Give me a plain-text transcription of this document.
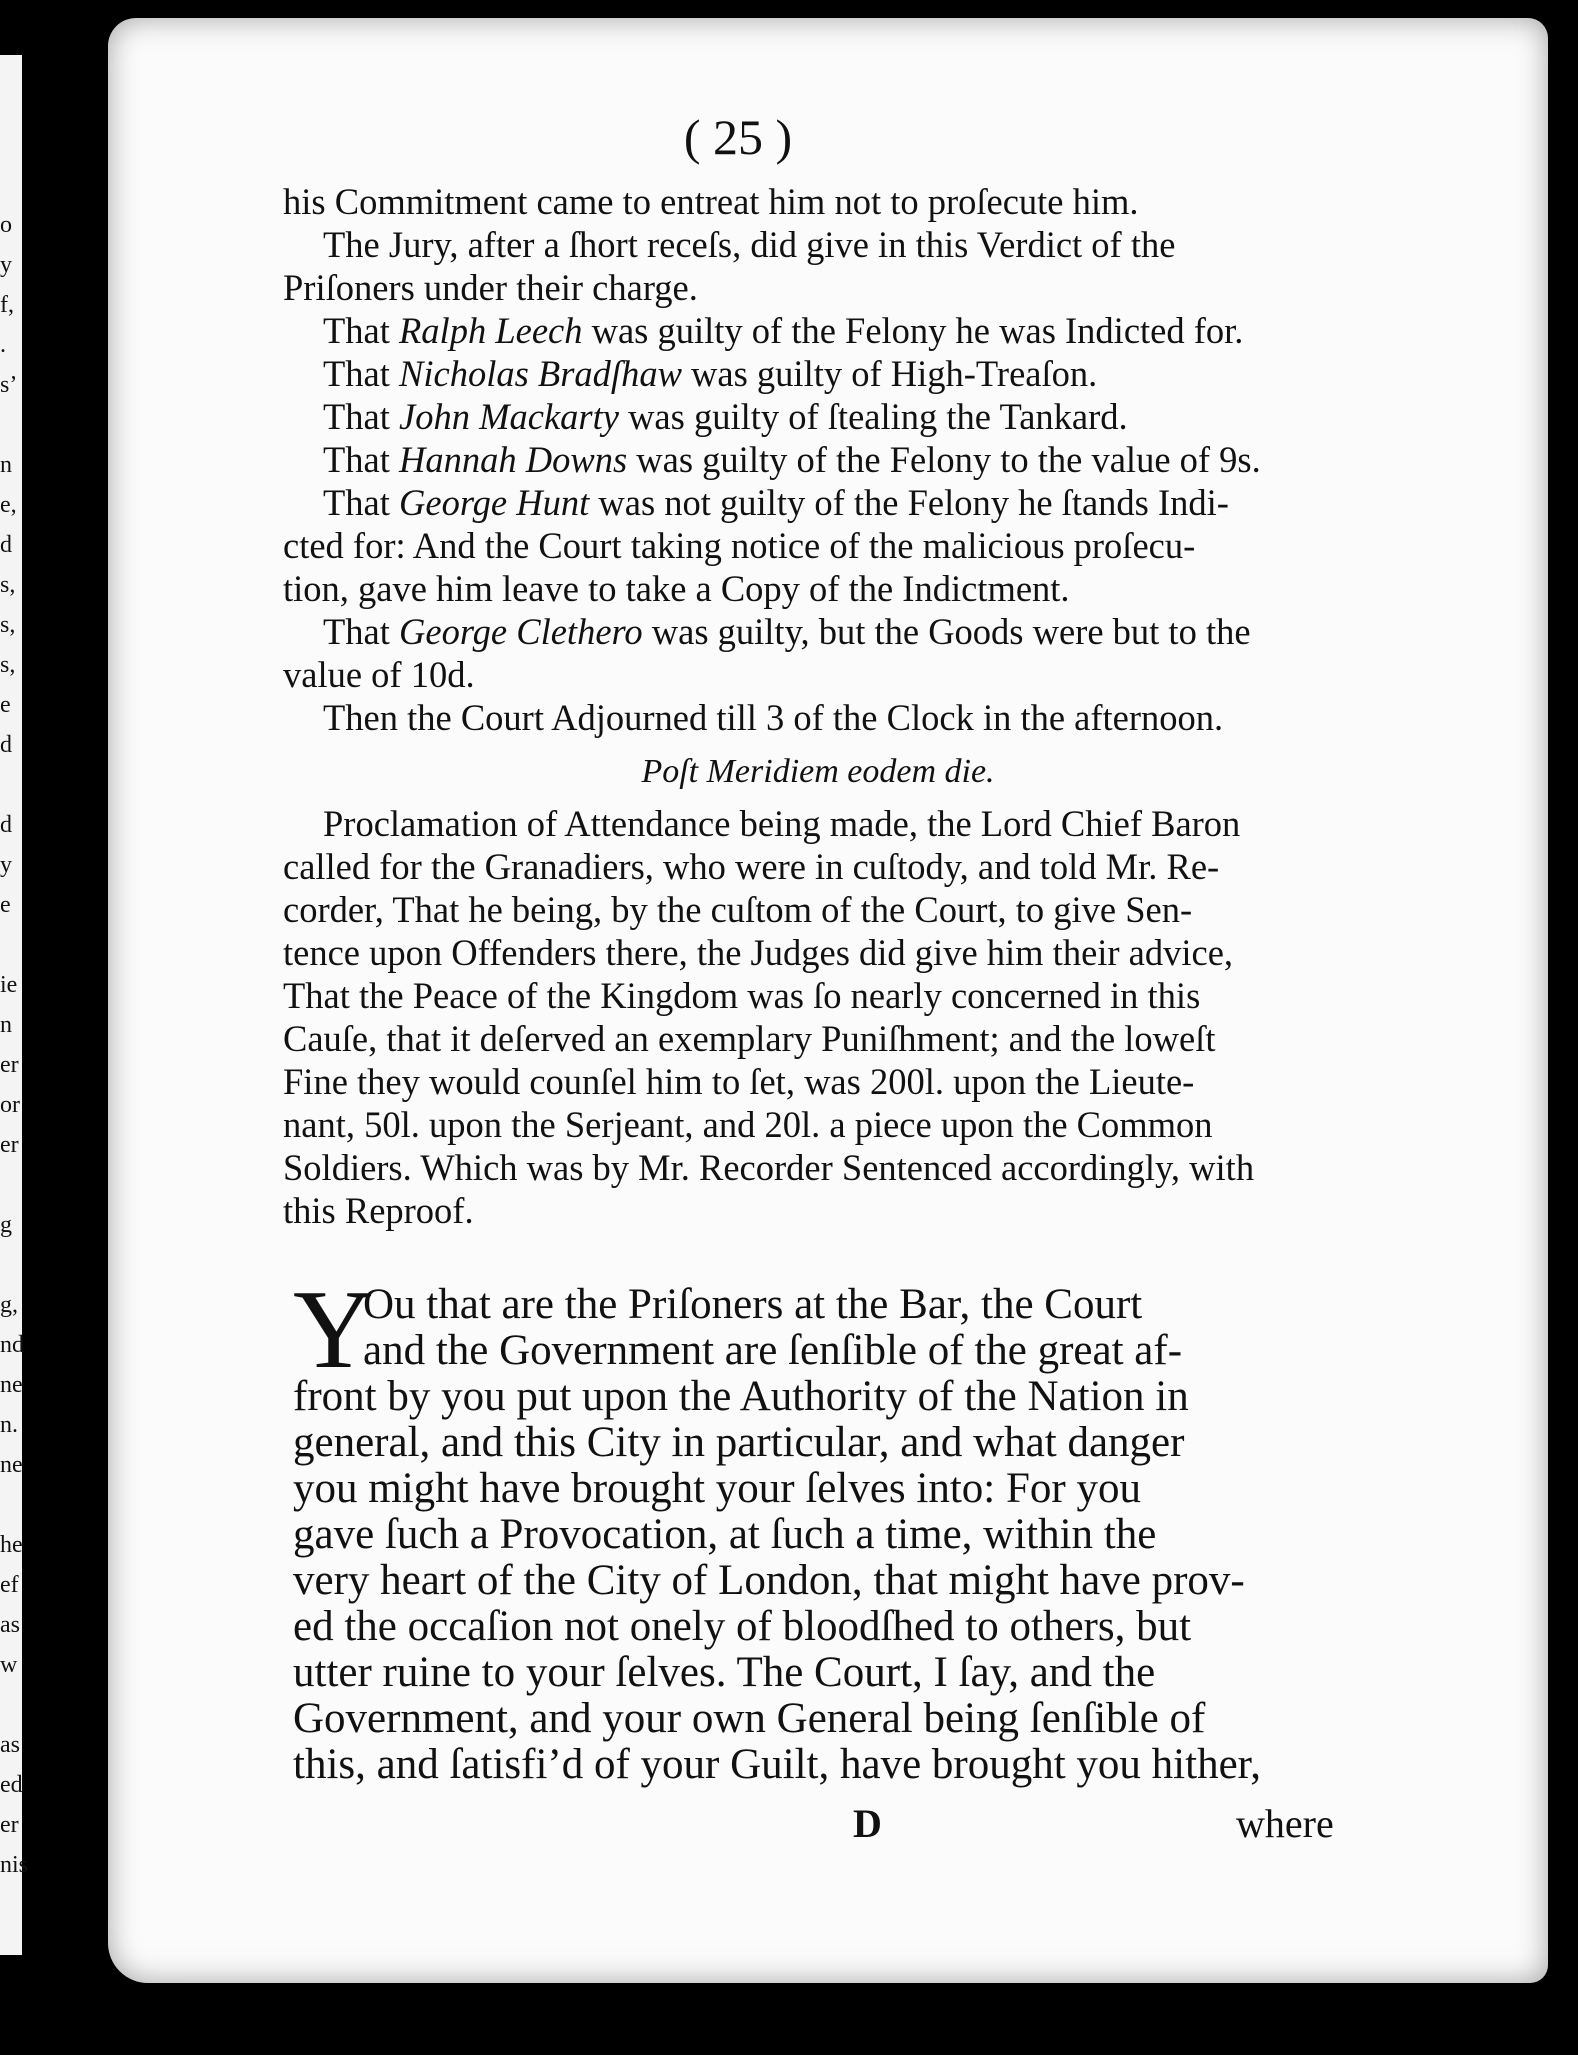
o
y
f,
.
s’
n
e,
d
s,
s,
s,
e
d
d
y
e
ie
n
er
or
er
g
g,
nd
ne
n.
ne
he
ef
as
w
as
ed
er
nis
( 25 )
his Commitment came to entreat him not to proſecute him.
The Jury, after a ſhort receſs, did give in this Verdict of the
Priſoners under their charge.
That Ralph Leech was guilty of the Felony he was Indicted for.
That Nicholas Bradſhaw was guilty of High-Treaſon.
That John Mackarty was guilty of ſtealing the Tankard.
That Hannah Downs was guilty of the Felony to the value of 9s.
That George Hunt was not guilty of the Felony he ſtands Indi-
cted for: And the Court taking notice of the malicious proſecu-
tion, gave him leave to take a Copy of the Indictment.
That George Clethero was guilty, but the Goods were but to the
value of 10d.
Then the Court Adjourned till 3 of the Clock in the afternoon.
Poſt Meridiem eodem die.
Proclamation of Attendance being made, the Lord Chief Baron
called for the Granadiers, who were in cuſtody, and told Mr. Re-
corder, That he being, by the cuſtom of the Court, to give Sen-
tence upon Offenders there, the Judges did give him their advice,
That the Peace of the Kingdom was ſo nearly concerned in this
Cauſe, that it deſerved an exemplary Puniſhment; and the loweſt
Fine they would counſel him to ſet, was 200l. upon the Lieute-
nant, 50l. upon the Serjeant, and 20l. a piece upon the Common
Soldiers. Which was by Mr. Recorder Sentenced accordingly, with
this Reproof.
Y
Ou that are the Priſoners at the Bar, the Court
and the Government are ſenſible of the great af-
front by you put upon the Authority of the Nation in
general, and this City in particular, and what danger
you might have brought your ſelves into: For you
gave ſuch a Provocation, at ſuch a time, within the
very heart of the City of London, that might have prov-
ed the occaſion not onely of bloodſhed to others, but
utter ruine to your ſelves. The Court, I ſay, and the
Government, and your own General being ſenſible of
this, and ſatisfi’d of your Guilt, have brought you hither,
D	where
